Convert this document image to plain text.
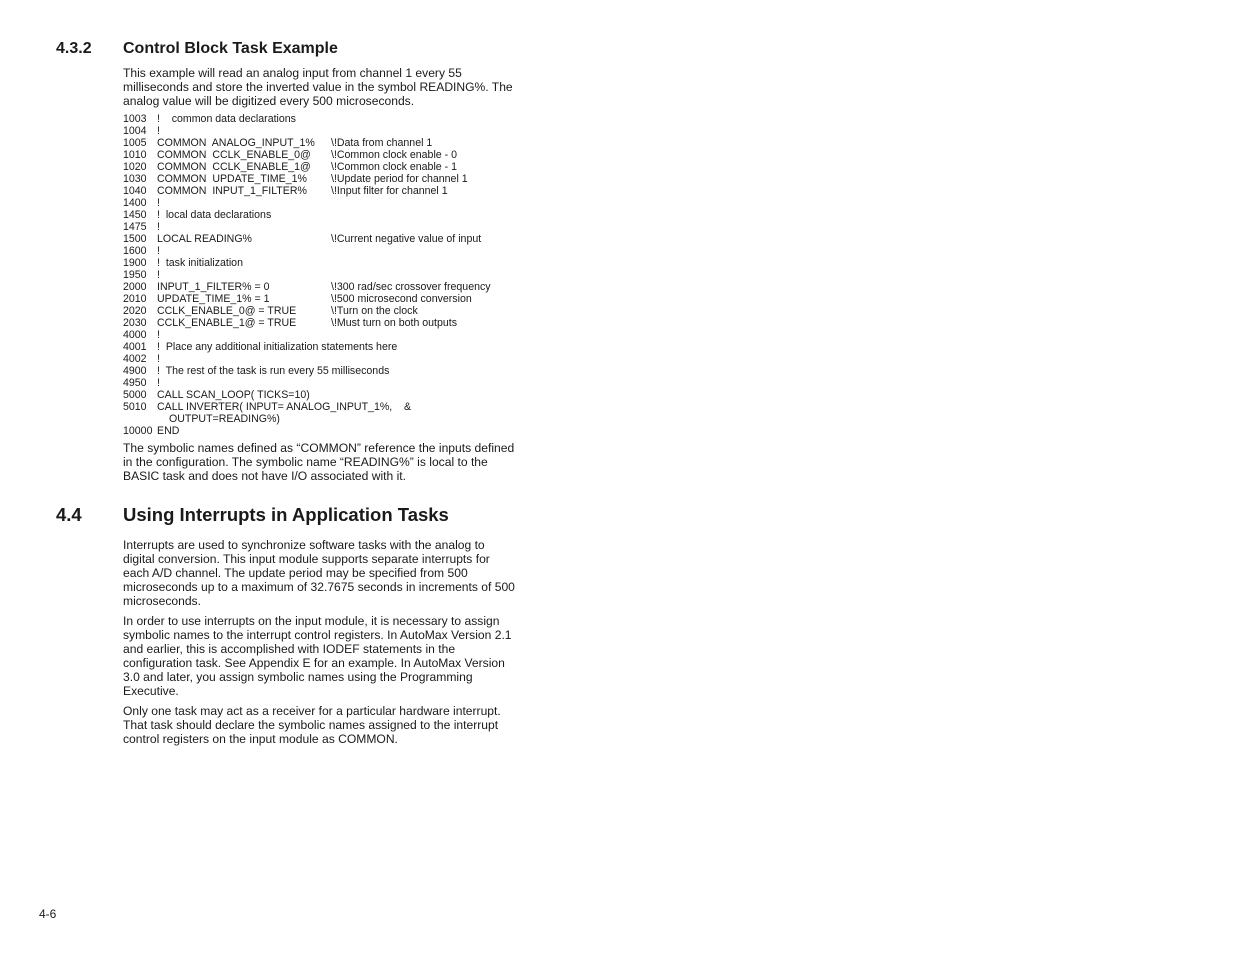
4.3.2 Control Block Task Example

This example will read an analog input from channel 1 every 55 milliseconds and store the inverted value in the symbol READING%. The analog value will be digitized every 500 microseconds.

1003 !    common data declarations
1004 !
1005 COMMON  ANALOG_INPUT_1% \!Data from channel 1
1010 COMMON  CCLK_ENABLE_0@ \!Common clock enable - 0
1020 COMMON  CCLK_ENABLE_1@ \!Common clock enable - 1
1030 COMMON  UPDATE_TIME_1% \!Update period for channel 1
1040 COMMON  INPUT_1_FILTER% \!Input filter for channel 1
1400 !
1450 !  local data declarations
1475 !
1500 LOCAL READING%	\!Current negative value of input
1600 !
1900 !  task initialization
1950 !
2000 INPUT_1_FILTER% = 0	\!300 rad/sec crossover frequency
2010 UPDATE_TIME_1% = 1	\!500 microsecond conversion
2020 CCLK_ENABLE_0@ = TRUE	\!Turn on the clock
2030 CCLK_ENABLE_1@ = TRUE	\!Must turn on both outputs
4000 !
4001 !  Place any additional initialization statements here
4002 !
4900 !  The rest of the task is run every 55 milliseconds
4950 !
5000 CALL SCAN_LOOP( TICKS=10)
5010 CALL INVERTER( INPUT= ANALOG_INPUT_1%,    &
OUTPUT=READING%)
10000 END

The symbolic names defined as “COMMON” reference the inputs defined in the configuration. The symbolic name “READING%” is local to the BASIC task and does not have I/O associated with it.

4.4 Using Interrupts in Application Tasks

Interrupts are used to synchronize software tasks with the analog to digital conversion. This input module supports separate interrupts for each A/D channel. The update period may be specified from 500 microseconds up to a maximum of 32.7675 seconds in increments of 500 microseconds.

In order to use interrupts on the input module, it is necessary to assign symbolic names to the interrupt control registers. In AutoMax Version 2.1 and earlier, this is accomplished with IODEF statements in the configuration task. See Appendix E for an example. In AutoMax Version 3.0 and later, you assign symbolic names using the Programming Executive.

Only one task may act as a receiver for a particular hardware interrupt. That task should declare the symbolic names assigned to the interrupt control registers on the input module as COMMON.

4-6
